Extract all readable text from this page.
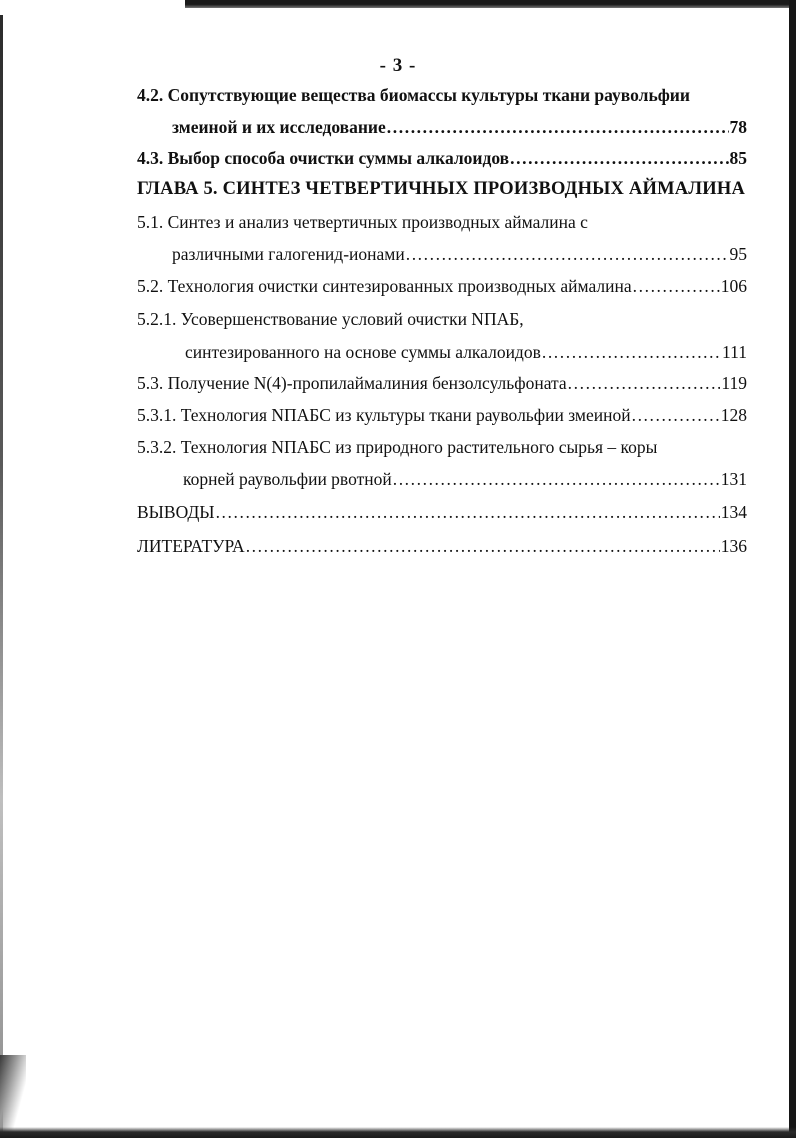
- 3 -
4.2. Сопутствующие вещества биомассы культуры ткани раувольфии
змеиной и их исследование .....	78
4.3. Выбор способа очистки суммы алкалоидов .....	85
ГЛАВА 5. СИНТЕЗ ЧЕТВЕРТИЧНЫХ ПРОИЗВОДНЫХ АЙМАЛИНА
5.1. Синтез и анализ четвертичных производных аймалина с
различными галогенид-ионами .....	95
5.2. Технология очистки синтезированных производных аймалина .....	106
5.2.1. Усовершенствование условий очистки NПАБ,
синтезированного на основе суммы алкалоидов .....	111
5.3. Получение N(4)-пропилаймалиния бензолсульфоната .....	119
5.3.1. Технология NПАБС из культуры ткани раувольфии змеиной .....	128
5.3.2. Технология NПАБС из природного растительного сырья – коры
корней раувольфии рвотной .....	131
ВЫВОДЫ .....	134
ЛИТЕРАТУРА .....	136
